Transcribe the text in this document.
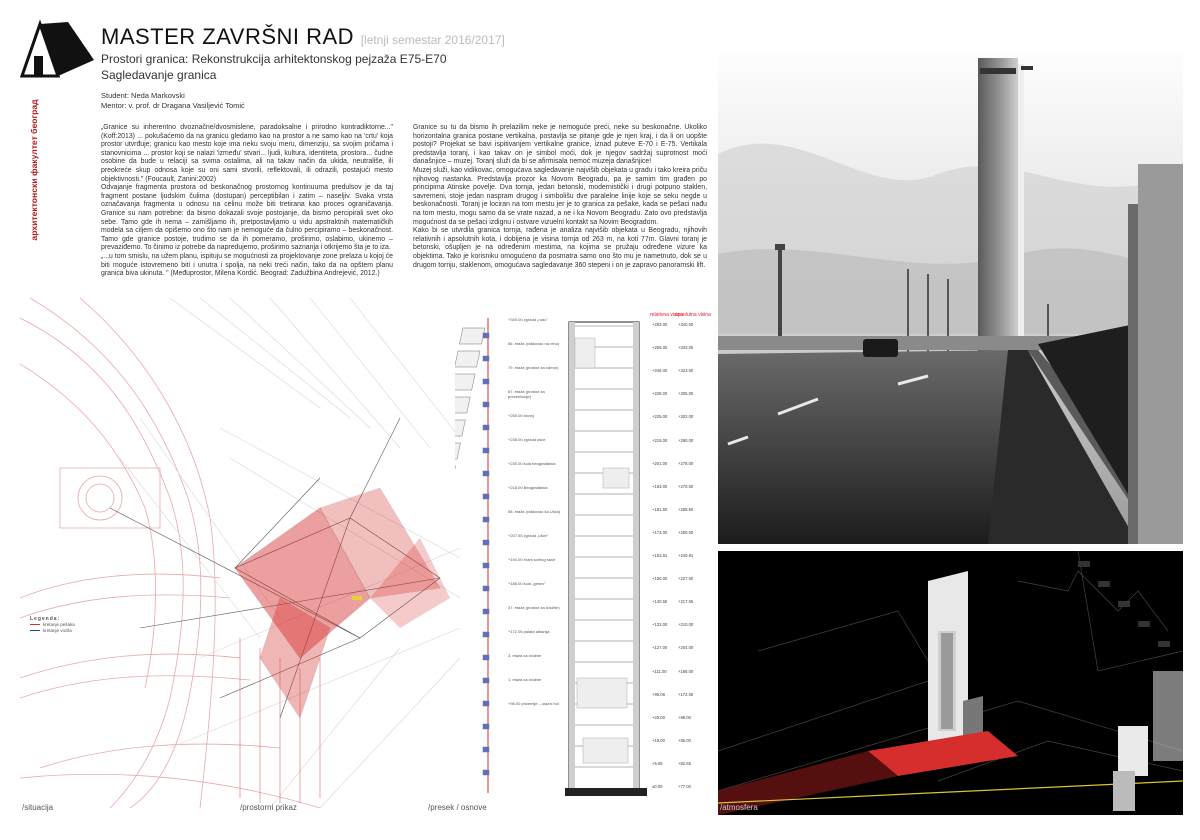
архитектонски факултет београд
MASTER ZAVRŠNI RAD [letnji semestar 2016/2017]
Prostori granica: Rekonstrukcija arhitektonskog pejzaža E75-E70
Sagledavanje granica
Student: Neda Markovski
Mentor: v. prof. dr Dragana Vasiljević Tomić

„Granice su inherentno dvoznačne/dvosmislene, paradoksalne i prirodno kontradiktorne..." (Koff:2013) ... pokušaćemo da na granicu gledamo kao na prostor a ne samo kao na 'crtu' koja prostor utvrđuje; granicu kao mesto koje ima neku svoju meru, dimenziju, sa svojim pričama i stanovnicima ... prostor koji se nalazi 'između' stvari... ljudi, kultura, identiteta, prostora... čudne osobine da bude u relaciji sa svima ostalima, ali na takav način da ukida, neutrališe, ili preokreće skup odnosa koje su oni sami stvorili, reflektovali, ili odrazili, postajući mesto objektivnosti." (Foucault, Zanini:2002)

Odvajanje fragmenta prostora od beskonačnog prostornog kontinuuma predulsov je da taj fragment postane ljudskim čulima (dostupan) perceptibilan i zatim – naseljiv. Svaka vrsta označavanja fragmenta u odnosu na celinu može biti tretirana kao proces ograničavanja. Granice su nam potrebne: da bismo dokazali svoje postojanje, da bismo percipirali svet oko sebe. Tamo gde ih nema – zamišljamo ih, pretpostavljamo u vidu apstraktnih matematičkih modela sa ciljem da opišemo ono što nam je nemoguće da čulno percipiramo – beskonačnost. Tamo gde granice postoje, trudimo se da ih pomeramo, proširimo, oslabimo, ukinemo – prevaziđemo. To činimo iz potrebe da napredujemo, proširimo saznanja i otkrijemo šta je to iza.

„...u tom smislu, na užem planu, ispituju se mogućnosti za projektovanje zone prelaza u kojoj će biti moguće istovremeno biti i unutra i spolja, na neki treći način, tako da na opštem planu granica biva ukinuta. " (Međuprostor, Milena Kordić. Beograd: Zadužbina Andrejević, 2012.)

Granice su tu da bismo ih prelazilim neke je nemoguće preći, neke su beskonačne. Ukoliko horizontalna granica postane vertikalna, postavlja se pitanje gde je njen kraj, i da li on uopšte postoji? Projekat se bavi ispitivanjem vertikalne granice, iznad puteve E-70 i E-75. Vertikala predstavlja toranj, i kao takav on je simbol moći, dok je njegov sadržaj suprotnost moći današnjice – muzej. Toranj služi da bi se afirmisala nemoć muzeja današnjice!

Muzej služi, kao vidikovac, omogućava sagledavanje najvišib objekata u gradu i tako kreira priču njihovog nastanka. Predstavlja prozor ka Novom Beogradu, pa je samim tim građen po principima Atinske povelje. Dva tornja, jedan betonski, modernistički i drugi potpuno staklen, savremeni, stoje jedan naspram drugog i simbolišu dve paralelne linije koje se seku negde u beskonačnosti. Toranj je lociran na tom mestu jer je to granica za pešake, kada se pešaci nađu na tom mestu, mogu samo da se vrate nazad, a ne i ka Novom Beogradu. Zato ovo predstavlja mogućnost da se pešaci izdignu i ostvare vizuelni kontakt sa Novim Beogradom.

Kako bi se utvrdila granica tornja, rađena je analiza najvišib objekata u Beogradu, njihovih relativnih i apsolutnih kota, i dobijena je visina tornja od 263 m, na koti 77m. Glavni toranj je betonski, ošupljen je na određenim mestima, na kojima se pružaju određene vizure ka objektima. Tako je korisniku omogućeno da posmatra samo ono što mu je nametnuto, dok se u drugom tornju, staklenom, omogućava sagledavanje 360 stepeni i on je zapravo panoramski lift.

Legenda:
kretanje pešaka
kretanje vozila
+340.00 zgrada „rudo"
86. etaža (vidikovac na vrhu)
79. etaža (prostor za odmor)
67. etaža (prostor za prezentacije)
+255.00 toranj
+238.00 zgrada ušće
+230.00 kula beograđanka
+218.00 Beograđanka
58. etaža (vidikovac ka Ušću)
+207.55 zgrada „ušće"
+194.00 hram svetog save
+188.00 kula „genex"
37. etaža (prostor za izložbe)
+172.06 palata albanija
3. etaža za izložbe
1. etaža za izložbe
+98.00 prizemlje – ulazni hol
relativna visina
apsolutna visina
+263.00	+340.00
+255.00	+333.00
+246.00	+323.00
+228.00	+305.00
+225.00	+302.00
+215.00	+290.00
+201.00	+278.00
+193.00	+270.00
+181.50	+258.50
+173.00	+250.00
+163.81	+240.81
+150.00	+227.00
+140.55	+217.55
+133.00	+210.00
+127.00	+204.00
+111.00	+188.00
+95.06	+172.06
+25.00	+98.00
+19.00	+95.00
+5.55	+82.55
±0.00	+77.00
/situacija	/prostorni prikaz	/presek / osnove	/atmosfera
